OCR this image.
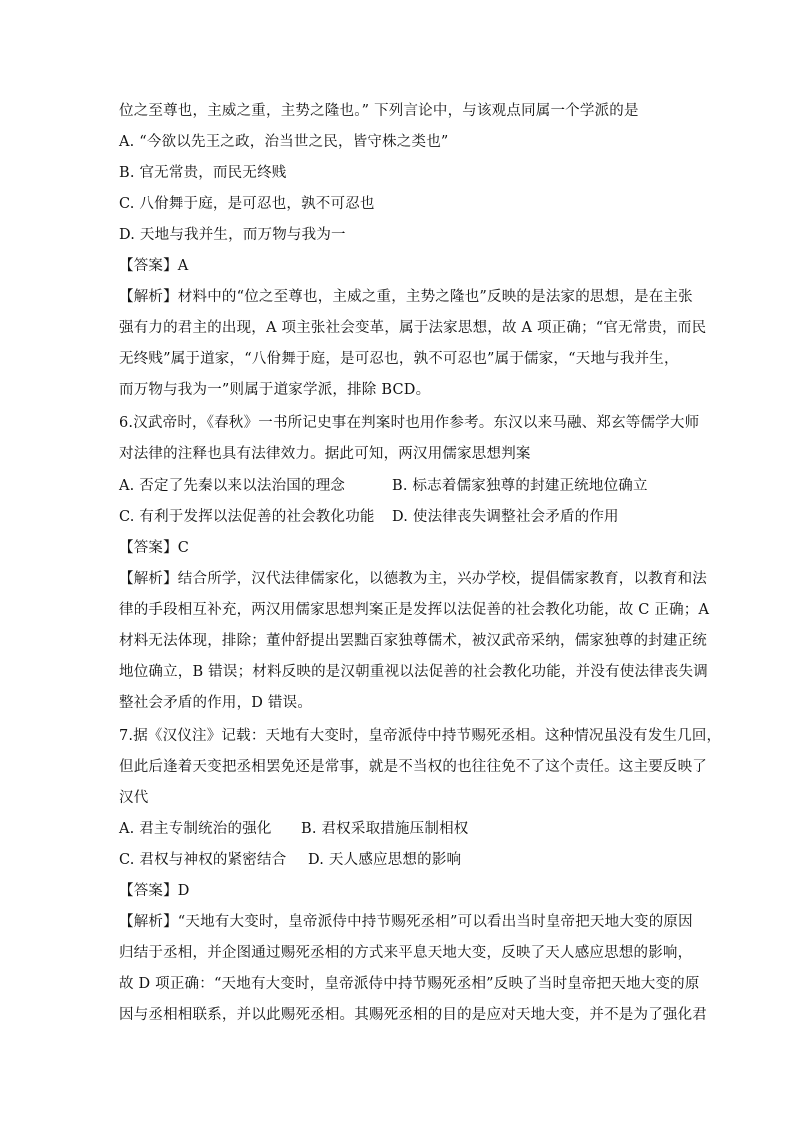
位之至尊也，主威之重，主势之隆也。” 下列言论中，与该观点同属一个学派的是
A. “今欲以先王之政，治当世之民，皆守株之类也”
B. 官无常贵，而民无终贱
C. 八佾舞于庭，是可忍也，孰不可忍也
D. 天地与我并生，而万物与我为一
【答案】A
【解析】材料中的“位之至尊也，主威之重，主势之隆也”反映的是法家的思想，是在主张
强有力的君主的出现，A 项主张社会变革，属于法家思想，故 A 项正确；“官无常贵，而民
无终贱”属于道家，“八佾舞于庭，是可忍也，孰不可忍也”属于儒家，“天地与我并生，
而万物与我为一”则属于道家学派，排除 BCD。
6.汉武帝时，《春秋》一书所记史事在判案时也用作参考。东汉以来马融、郑玄等儒学大师
对法律的注释也具有法律效力。据此可知，两汉用儒家思想判案
A. 否定了先秦以来以法治国的理念	B. 标志着儒家独尊的封建正统地位确立
C. 有利于发挥以法促善的社会教化功能 D. 使法律丧失调整社会矛盾的作用
【答案】C
【解析】结合所学，汉代法律儒家化，以德教为主，兴办学校，提倡儒家教育，以教育和法
律的手段相互补充，两汉用儒家思想判案正是发挥以法促善的社会教化功能，故 C 正确；A
材料无法体现，排除；董仲舒提出罢黜百家独尊儒术，被汉武帝采纳，儒家独尊的封建正统
地位确立，B 错误；材料反映的是汉朝重视以法促善的社会教化功能，并没有使法律丧失调
整社会矛盾的作用，D 错误。
7.据《汉仪注》记载：天地有大变时，皇帝派侍中持节赐死丞相。这种情况虽没有发生几回，
但此后逢着天变把丞相罢免还是常事，就是不当权的也往往免不了这个责任。这主要反映了
汉代
A. 君主专制统治的强化 B. 君权采取措施压制相权
C. 君权与神权的紧密结合 D. 天人感应思想的影响
【答案】D
【解析】“天地有大变时，皇帝派侍中持节赐死丞相”可以看出当时皇帝把天地大变的原因
归结于丞相，并企图通过赐死丞相的方式来平息天地大变，反映了天人感应思想的影响，
故 D 项正确：“天地有大变时，皇帝派侍中持节赐死丞相”反映了当时皇帝把天地大变的原
因与丞相相联系，并以此赐死丞相。其赐死丞相的目的是应对天地大变，并不是为了强化君
